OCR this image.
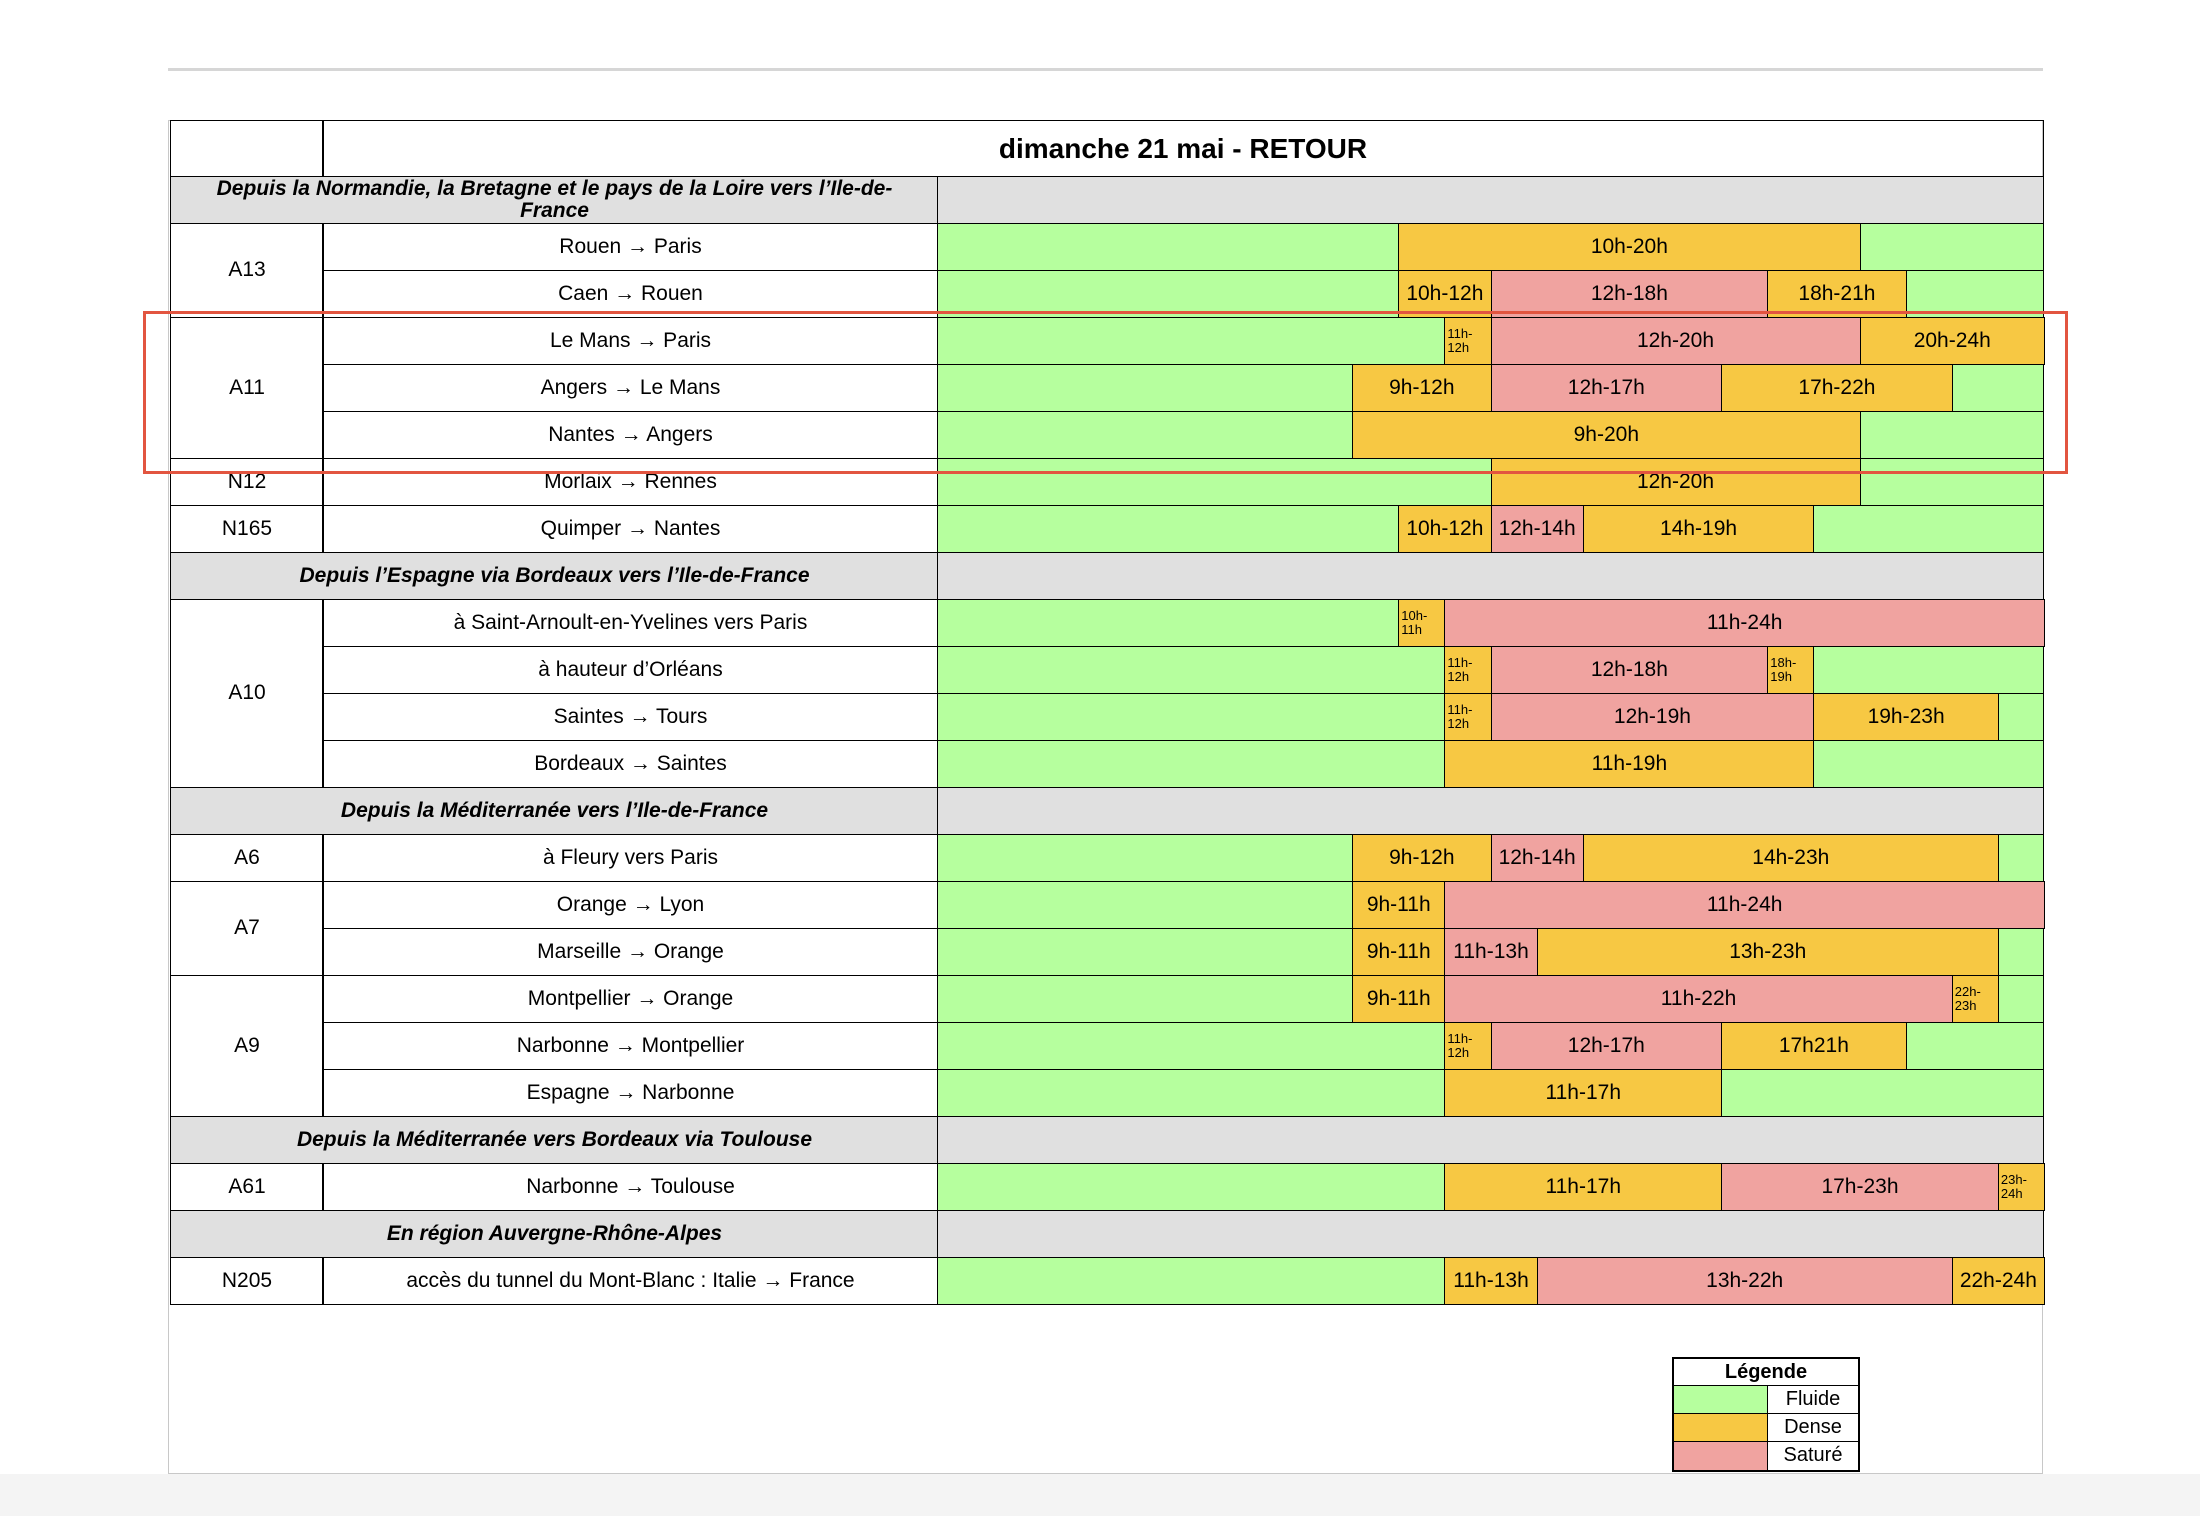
dimanche 21 mai - RETOUR
Depuis la Normandie, la Bretagne et le pays de la Loire vers l’Ile-de-France
A13
Rouen → Paris	10h-20h
Caen → Rouen	10h-12h	12h-18h	18h-21h
A11
Le Mans → Paris	11h-12h	12h-20h	20h-24h
Angers → Le Mans	9h-12h	12h-17h	17h-22h
Nantes → Angers	9h-20h
N12	Morlaix → Rennes	12h-20h
N165	Quimper → Nantes	10h-12h 12h-14h	14h-19h
Depuis l’Espagne via Bordeaux vers l’Ile-de-France
A10
à Saint-Arnoult-en-Yvelines vers Paris	10h-11h	11h-24h
à hauteur d’Orléans	11h-12h	12h-18h	18h-19h
Saintes → Tours	11h-12h	12h-19h	19h-23h
Bordeaux → Saintes	11h-19h
Depuis la Méditerranée vers l’Ile-de-France
A6	à Fleury vers Paris	9h-12h	12h-14h	14h-23h
A7
Orange → Lyon	9h-11h	11h-24h
Marseille → Orange	9h-11h	11h-13h	13h-23h
A9
Montpellier → Orange	9h-11h	11h-22h	22h-23h
Narbonne → Montpellier	11h-12h	12h-17h	17h21h
Espagne → Narbonne	11h-17h
Depuis la Méditerranée vers Bordeaux via Toulouse
A61	Narbonne → Toulouse	11h-17h	17h-23h	23h-24h
En région Auvergne-Rhône-Alpes
N205	accès du tunnel du Mont-Blanc : Italie → France	11h-13h	13h-22h	22h-24h
Légende
Fluide
Dense
Saturé
